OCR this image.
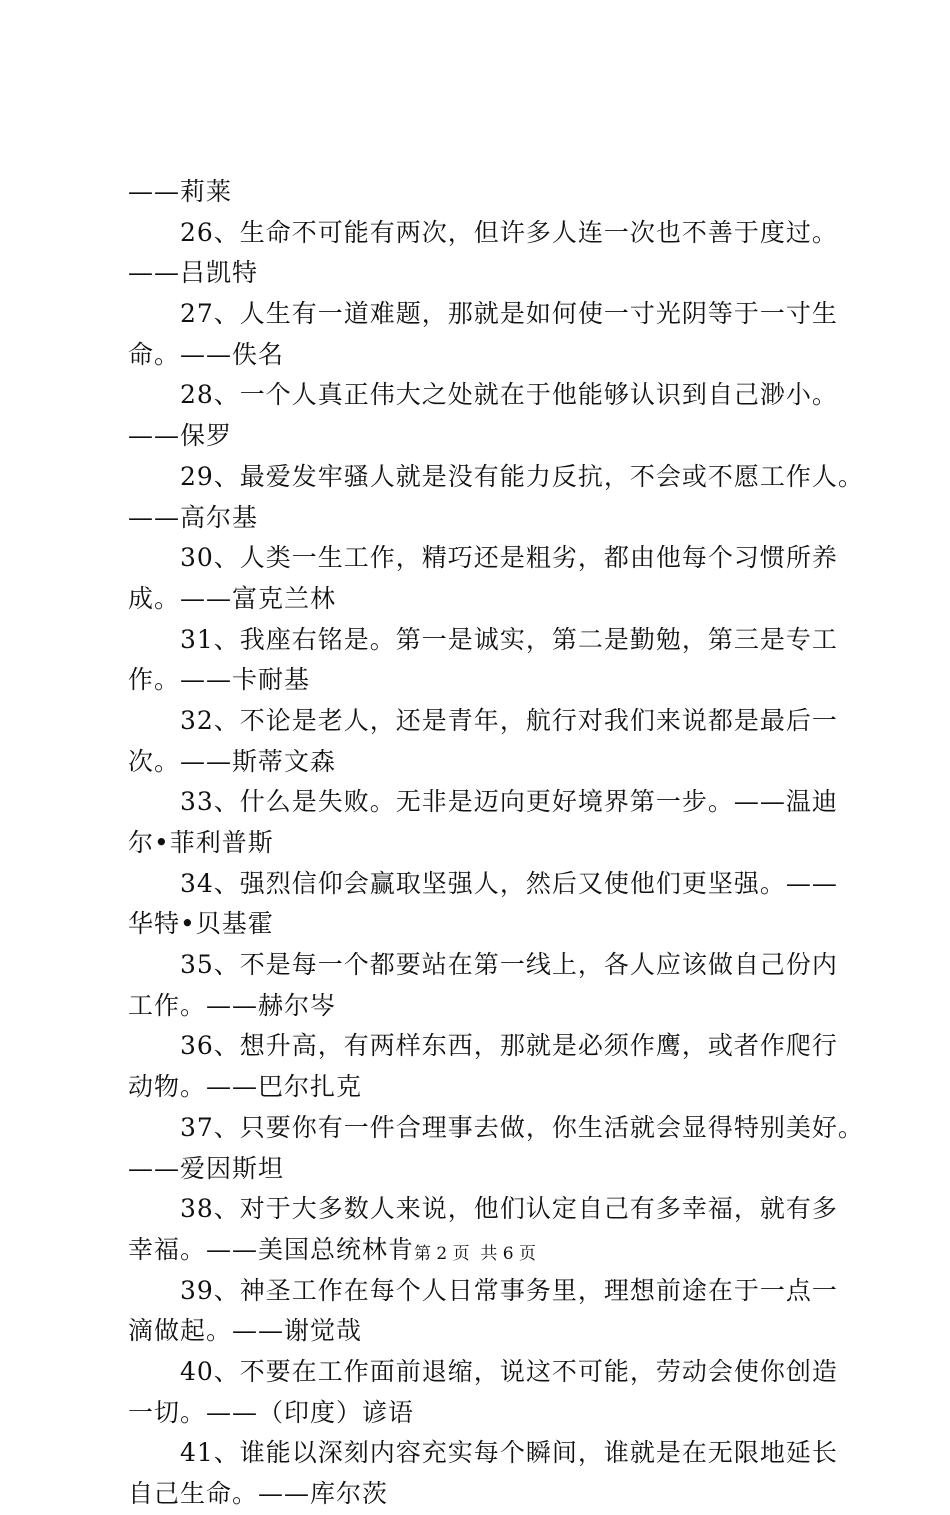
——莉莱
26、生命不可能有两次，但许多人连一次也不善于度过。
——吕凯特
27、人生有一道难题，那就是如何使一寸光阴等于一寸生
命。——佚名
28、一个人真正伟大之处就在于他能够认识到自己渺小。
——保罗
29、最爱发牢骚人就是没有能力反抗，不会或不愿工作人。
——高尔基
30、人类一生工作，精巧还是粗劣，都由他每个习惯所养
成。——富克兰林
31、我座右铭是。第一是诚实，第二是勤勉，第三是专工
作。——卡耐基
32、不论是老人，还是青年，航行对我们来说都是最后一
次。——斯蒂文森
33、什么是失败。无非是迈向更好境界第一步。——温迪
尔•菲利普斯
34、强烈信仰会赢取坚强人，然后又使他们更坚强。——
华特•贝基霍
35、不是每一个都要站在第一线上，各人应该做自己份内
工作。——赫尔岑
36、想升高，有两样东西，那就是必须作鹰，或者作爬行
动物。——巴尔扎克
37、只要你有一件合理事去做，你生活就会显得特别美好。
——爱因斯坦
38、对于大多数人来说，他们认定自己有多幸福，就有多
幸福。——美国总统林肯
39、神圣工作在每个人日常事务里，理想前途在于一点一
滴做起。——谢觉哉
40、不要在工作面前退缩，说这不可能，劳动会使你创造
一切。——（印度）谚语
41、谁能以深刻内容充实每个瞬间，谁就是在无限地延长
自己生命。——库尔茨
第 2 页  共 6 页
